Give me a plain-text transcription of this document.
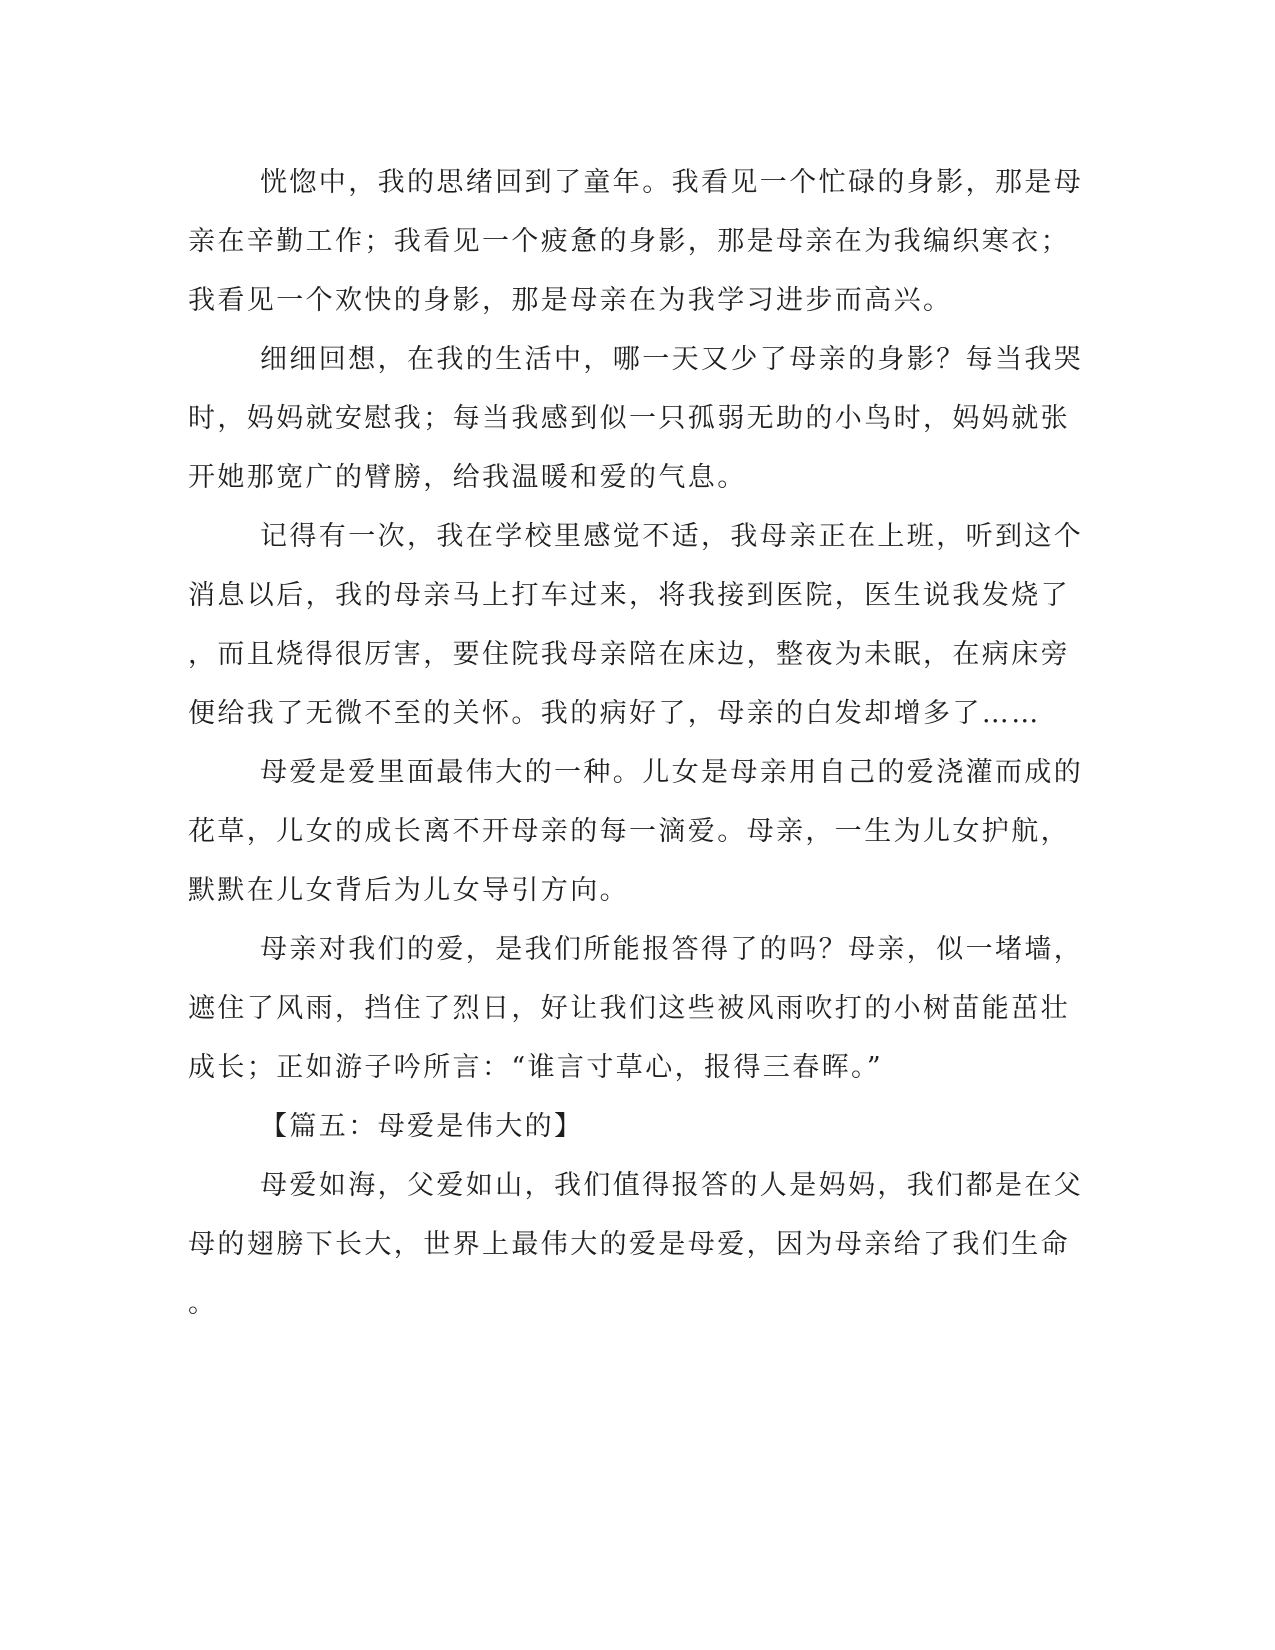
恍惚中，我的思绪回到了童年。我看见一个忙碌的身影，那是母

亲在辛勤工作；我看见一个疲惫的身影，那是母亲在为我编织寒衣；

我看见一个欢快的身影，那是母亲在为我学习进步而高兴。

细细回想，在我的生活中，哪一天又少了母亲的身影？每当我哭

时，妈妈就安慰我；每当我感到似一只孤弱无助的小鸟时，妈妈就张

开她那宽广的臂膀，给我温暖和爱的气息。

记得有一次，我在学校里感觉不适，我母亲正在上班，听到这个

消息以后，我的母亲马上打车过来，将我接到医院，医生说我发烧了

，而且烧得很厉害，要住院我母亲陪在床边，整夜为未眠，在病床旁

便给我了无微不至的关怀。我的病好了，母亲的白发却增多了……

母爱是爱里面最伟大的一种。儿女是母亲用自己的爱浇灌而成的

花草，儿女的成长离不开母亲的每一滴爱。母亲，一生为儿女护航，

默默在儿女背后为儿女导引方向。

母亲对我们的爱，是我们所能报答得了的吗？母亲，似一堵墙，

遮住了风雨，挡住了烈日，好让我们这些被风雨吹打的小树苗能茁壮

成长；正如游子吟所言：“谁言寸草心，报得三春晖。”

【篇五：母爱是伟大的】

母爱如海，父爱如山，我们值得报答的人是妈妈，我们都是在父

母的翅膀下长大，世界上最伟大的爱是母爱，因为母亲给了我们生命

。
